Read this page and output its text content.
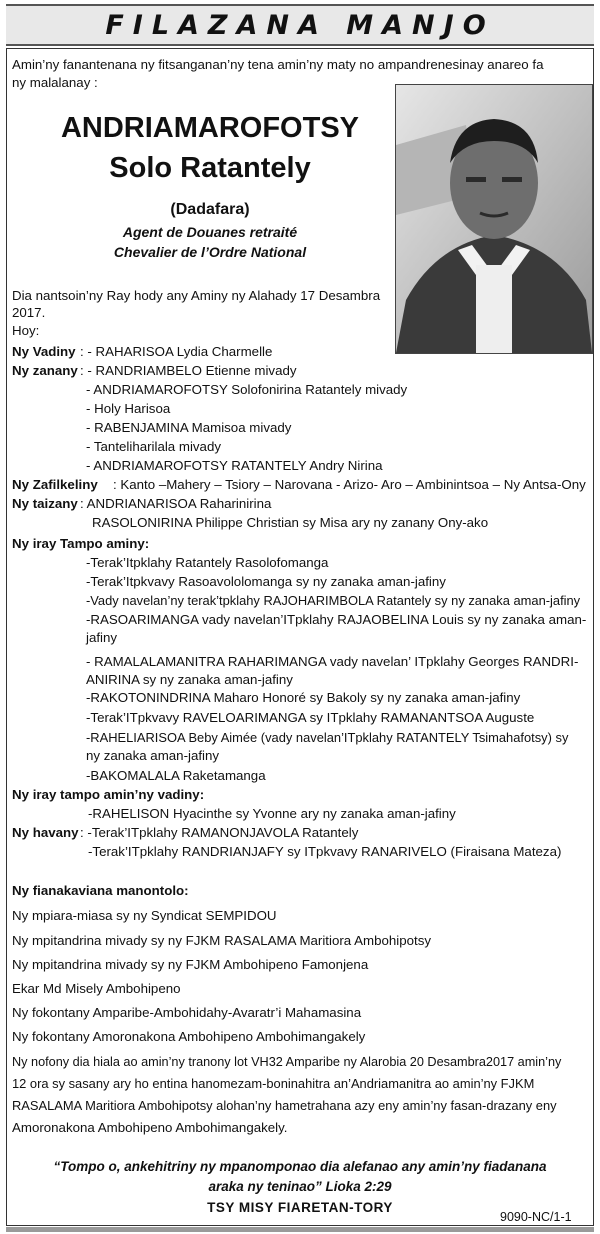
FILAZANA MANJO
Amin’ny fanantenana ny fitsanganan’ny tena amin’ny maty no ampandrenesinay anareo fa
ny malalanay :
ANDRIAMAROFOTSY
Solo Ratantely
(Dadafara)
Agent de Douanes retraité
Chevalier de l’Ordre National
Dia nantsoin’ny Ray hody any Aminy ny Alahady 17 Desambra
2017.
Hoy:
Ny Vadiny : - RAHARISOA Lydia Charmelle
Ny zanany : - RANDRIAMBELO Etienne mivady
- ANDRIAMAROFOTSY Solofonirina Ratantely mivady
- Holy Harisoa
- RABENJAMINA Mamisoa mivady
- Tanteliharilala mivady
- ANDRIAMAROFOTSY RATANTELY Andry Nirina
Ny Zafilkeliny : Kanto –Mahery – Tsiory – Narovana - Arizo- Aro – Ambinintsoa – Ny Antsa-Ony
Ny taizany : ANDRIANARISOA Raharinirina
RASOLONIRINA Philippe Christian sy Misa ary ny zanany Ony-ako
Ny iray Tampo aminy:
-Terak’Itpklahy Ratantely Rasolofomanga
-Terak’Itpkvavy Rasoavololomanga sy ny zanaka aman-jafiny
-Vady navelan’ny terak’tpklahy RAJOHARIMBOLA Ratantely sy ny zanaka aman-jafiny
-RASOARIMANGA vady navelan’ITpklahy RAJAOBELINA Louis sy ny zanaka aman-
jafiny
- RAMALALAMANITRA RAHARIMANGA vady navelan’ ITpklahy Georges RANDRI-
ANIRINA sy ny zanaka aman-jafiny
-RAKOTONINDRINA Maharo Honoré sy Bakoly sy ny zanaka aman-jafiny
-Terak’ITpkvavy RAVELOARIMANGA sy ITpklahy RAMANANTSOA Auguste
-RAHELIARISOA Beby Aimée (vady navelan’ITpklahy RATANTELY Tsimahafotsy) sy
ny zanaka aman-jafiny
-BAKOMALALA Raketamanga
Ny iray tampo amin’ny vadiny:
-RAHELISON Hyacinthe sy Yvonne ary ny zanaka aman-jafiny
Ny havany : -Terak’ITpklahy RAMANONJAVOLA Ratantely
-Terak’ITpklahy RANDRIANJAFY sy ITpkvavy RANARIVELO (Firaisana Mateza)
Ny fianakaviana manontolo:
Ny mpiara-miasa sy ny Syndicat SEMPIDOU
Ny mpitandrina mivady sy ny FJKM RASALAMA Maritiora Ambohipotsy
Ny mpitandrina mivady sy ny FJKM Ambohipeno Famonjena
Ekar Md Misely Ambohipeno
Ny fokontany Amparibe-Ambohidahy-Avaratr’i Mahamasina
Ny fokontany Amoronakona Ambohipeno Ambohimangakely
Ny nofony dia hiala ao amin’ny tranony lot VH32 Amparibe ny Alarobia 20 Desambra2017 amin’ny
12 ora sy sasany ary ho entina hanomezam-boninahitra an’Andriamanitra ao amin’ny FJKM
RASALAMA Maritiora Ambohipotsy alohan’ny hametrahana azy eny amin’ny fasan-drazany eny
Amoronakona Ambohipeno Ambohimangakely.
“Tompo o, ankehitriny ny mpanomponao dia alefanao any amin’ny fiadanana
araka ny teninao” Lioka 2:29
TSY MISY FIARETAN-TORY
9090-NC/1-1
